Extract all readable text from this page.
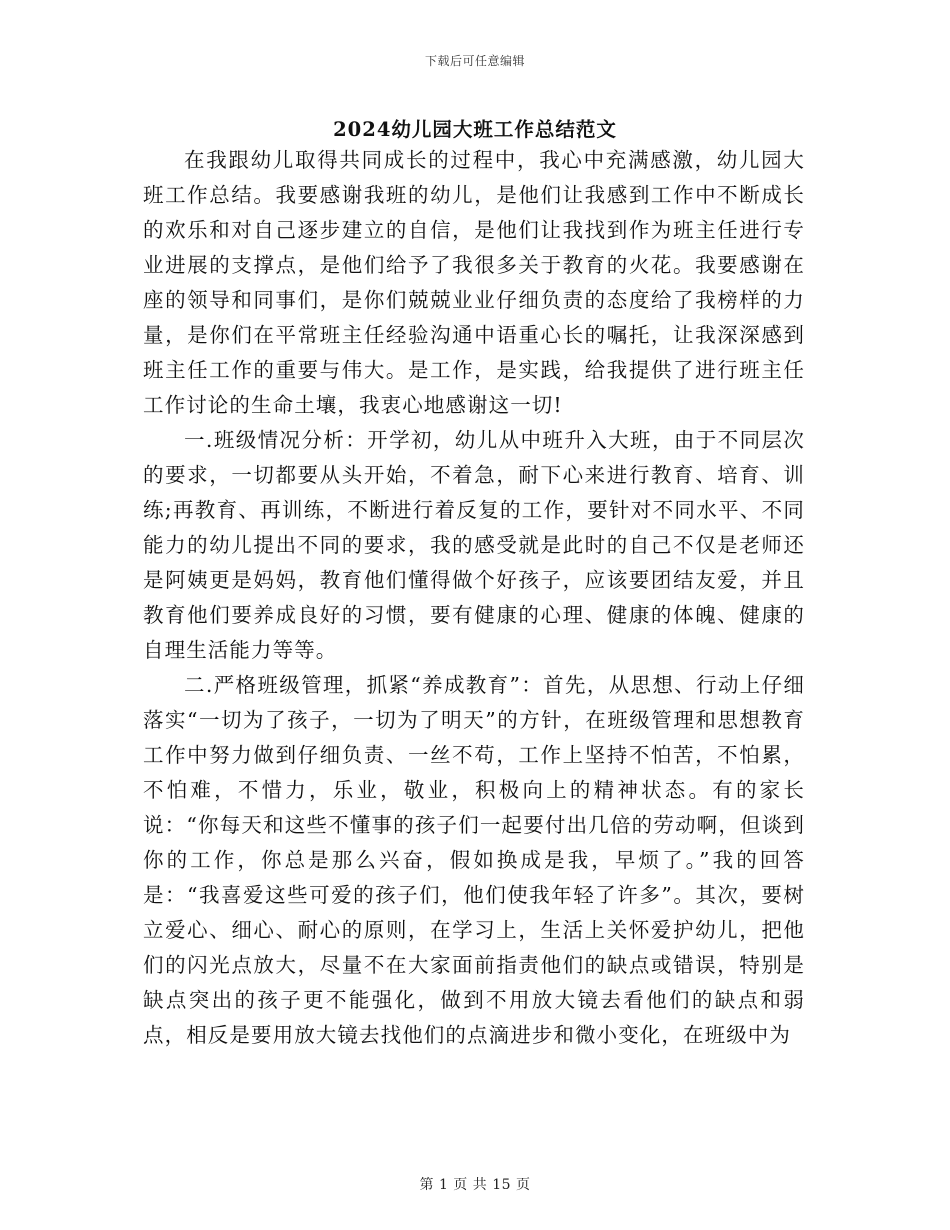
下载后可任意编辑
2024幼儿园大班工作总结范文

在我跟幼儿取得共同成长的过程中，我心中充满感激，幼儿园大班工作总结。我要感谢我班的幼儿，是他们让我感到工作中不断成长的欢乐和对自己逐步建立的自信，是他们让我找到作为班主任进行专业进展的支撑点，是他们给予了我很多关于教育的火花。我要感谢在座的领导和同事们，是你们兢兢业业仔细负责的态度给了我榜样的力量，是你们在平常班主任经验沟通中语重心长的嘱托，让我深深感到班主任工作的重要与伟大。是工作，是实践，给我提供了进行班主任工作讨论的生命土壤，我衷心地感谢这一切!

一.班级情况分析：开学初，幼儿从中班升入大班，由于不同层次的要求，一切都要从头开始，不着急，耐下心来进行教育、培育、训练;再教育、再训练，不断进行着反复的工作，要针对不同水平、不同能力的幼儿提出不同的要求，我的感受就是此时的自己不仅是老师还是阿姨更是妈妈，教育他们懂得做个好孩子，应该要团结友爱，并且教育他们要养成良好的习惯，要有健康的心理、健康的体魄、健康的自理生活能力等等。

二.严格班级管理，抓紧“养成教育”：首先，从思想、行动上仔细落实“一切为了孩子，一切为了明天”的方针，在班级管理和思想教育工作中努力做到仔细负责、一丝不苟，工作上坚持不怕苦，不怕累，不怕难，不惜力，乐业，敬业，积极向上的精神状态。有的家长说：“你每天和这些不懂事的孩子们一起要付出几倍的劳动啊，但谈到你的工作，你总是那么兴奋，假如换成是我，早烦了。”我的回答是：“我喜爱这些可爱的孩子们，他们使我年轻了许多”。其次，要树立爱心、细心、耐心的原则，在学习上，生活上关怀爱护幼儿，把他们的闪光点放大，尽量不在大家面前指责他们的缺点或错误，特别是缺点突出的孩子更不能强化，做到不用放大镜去看他们的缺点和弱点，相反是要用放大镜去找他们的点滴进步和微小变化，在班级中为

第 1 页 共 15 页
